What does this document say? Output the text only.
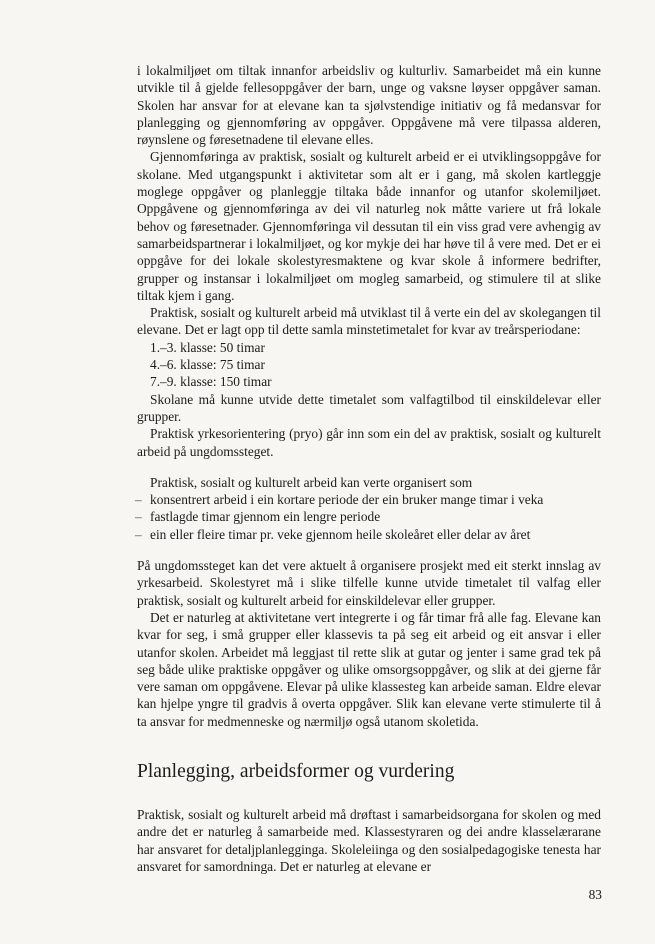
i lokalmiljøet om tiltak innanfor arbeidsliv og kulturliv. Samarbeidet må ein kunne utvikle til å gjelde fellesoppgåver der barn, unge og vaksne løyser oppgåver saman. Skolen har ansvar for at elevane kan ta sjølvstendige initiativ og få medansvar for planlegging og gjennomføring av oppgåver. Oppgåvene må vere tilpassa alderen, røynslene og føresetnadene til elevane elles.

Gjennomføringa av praktisk, sosialt og kulturelt arbeid er ei utviklingsoppgåve for skolane. Med utgangspunkt i aktivitetar som alt er i gang, må skolen kartleggje moglege oppgåver og planleggje tiltaka både innanfor og utanfor skolemiljøet. Oppgåvene og gjennomføringa av dei vil naturleg nok måtte variere ut frå lokale behov og føresetnader. Gjennomføringa vil dessutan til ein viss grad vere avhengig av samarbeidspartnerar i lokalmiljøet, og kor mykje dei har høve til å vere med. Det er ei oppgåve for dei lokale skolestyresmaktene og kvar skole å informere bedrifter, grupper og instansar i lokalmiljøet om mogleg samarbeid, og stimulere til at slike tiltak kjem i gang.

Praktisk, sosialt og kulturelt arbeid må utviklast til å verte ein del av skolegangen til elevane. Det er lagt opp til dette samla minstetimetalet for kvar av treårsperiodane:

1.–3. klasse: 50 timar

4.–6. klasse: 75 timar

7.–9. klasse: 150 timar

Skolane må kunne utvide dette timetalet som valfagtilbod til einskildelevar eller grupper.

Praktisk yrkesorientering (pryo) går inn som ein del av praktisk, sosialt og kulturelt arbeid på ungdomssteget.

Praktisk, sosialt og kulturelt arbeid kan verte organisert som

– konsentrert arbeid i ein kortare periode der ein bruker mange timar i veka
– fastlagde timar gjennom ein lengre periode
– ein eller fleire timar pr. veke gjennom heile skoleåret eller delar av året

På ungdomssteget kan det vere aktuelt å organisere prosjekt med eit sterkt innslag av yrkesarbeid. Skolestyret må i slike tilfelle kunne utvide timetalet til valfag eller praktisk, sosialt og kulturelt arbeid for einskildelevar eller grupper.

Det er naturleg at aktivitetane vert integrerte i og får timar frå alle fag. Elevane kan kvar for seg, i små grupper eller klassevis ta på seg eit arbeid og eit ansvar i eller utanfor skolen. Arbeidet må leggjast til rette slik at gutar og jenter i same grad tek på seg både ulike praktiske oppgåver og ulike omsorgsoppgåver, og slik at dei gjerne får vere saman om oppgåvene. Elevar på ulike klassesteg kan arbeide saman. Eldre elevar kan hjelpe yngre til gradvis å overta oppgåver. Slik kan elevane verte stimulerte til å ta ansvar for medmenneske og nærmiljø også utanom skoletida.

Planlegging, arbeidsformer og vurdering

Praktisk, sosialt og kulturelt arbeid må drøftast i samarbeidsorgana for skolen og med andre det er naturleg å samarbeide med. Klassestyraren og dei andre klasselærarane har ansvaret for detaljplanlegginga. Skoleleiinga og den sosialpedagogiske tenesta har ansvaret for samordninga. Det er naturleg at elevane er

83
